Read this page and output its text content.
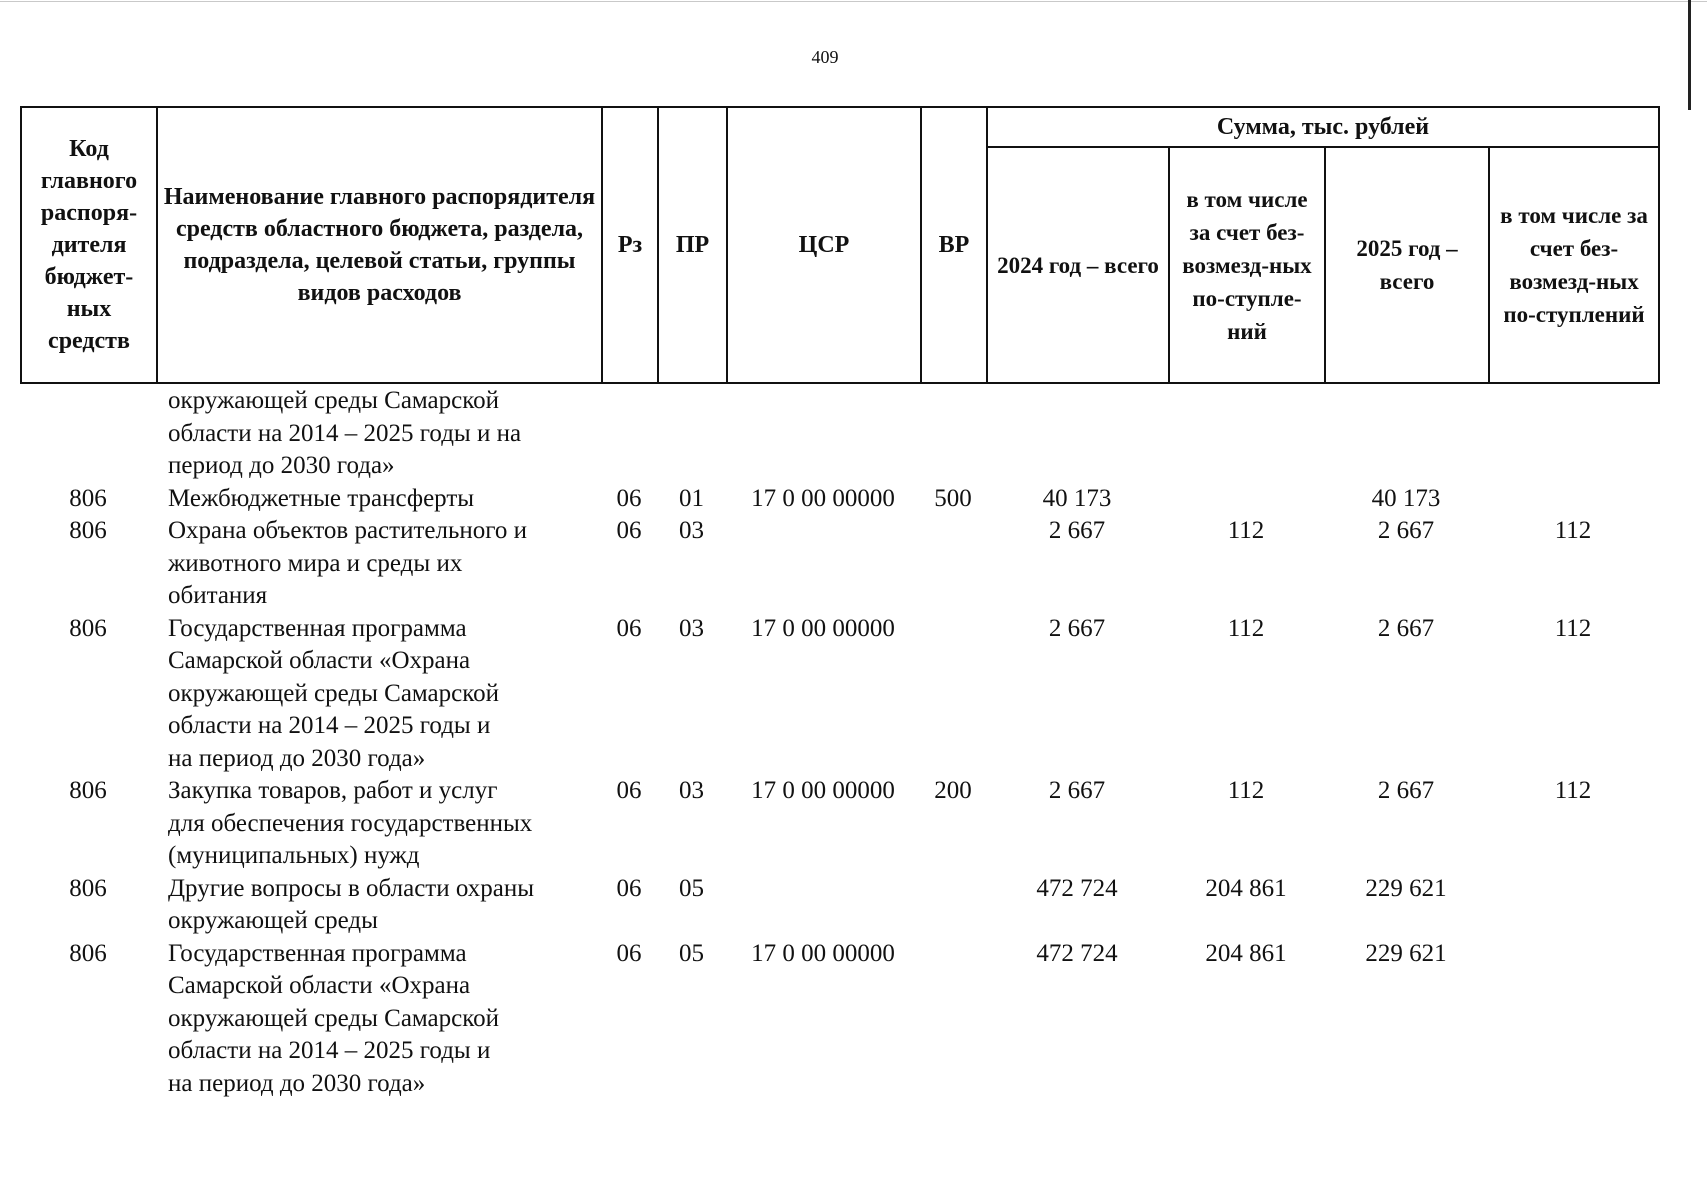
409
Код главного распоря-дителя бюджет-ных средств	Наименование главного распорядителя средств областного бюджета, раздела, подраздела, целевой статьи, группы видов расходов	Рз	ПР	ЦСР	ВР	Сумма, тыс. рублей			
						2024 год – всего	в том числе за счет без-возмезд-ных по-ступле-ний	2025 год – всего	в том числе за счет без-возмезд-ных по-ступлений
	окружающей среды Самарской
области на 2014 – 2025 годы и на
период до 2030 года»								
806	Межбюджетные трансферты	06	01	17 0 00 00000	500	40 173		40 173	
806	Охрана объектов растительного и
животного мира и среды их
обитания	06	03			2 667	112	2 667	112
806	Государственная программа
Самарской области «Охрана
окружающей среды Самарской
области на 2014 – 2025 годы и
на период до 2030 года»	06	03	17 0 00 00000		2 667	112	2 667	112
806	Закупка товаров, работ и услуг
для обеспечения государственных
(муниципальных) нужд	06	03	17 0 00 00000	200	2 667	112	2 667	112
806	Другие вопросы в области охраны
окружающей среды	06	05			472 724	204 861	229 621	
806	Государственная программа
Самарской области «Охрана
окружающей среды Самарской
области на 2014 – 2025 годы и
на период до 2030 года»	06	05	17 0 00 00000		472 724	204 861	229 621	
